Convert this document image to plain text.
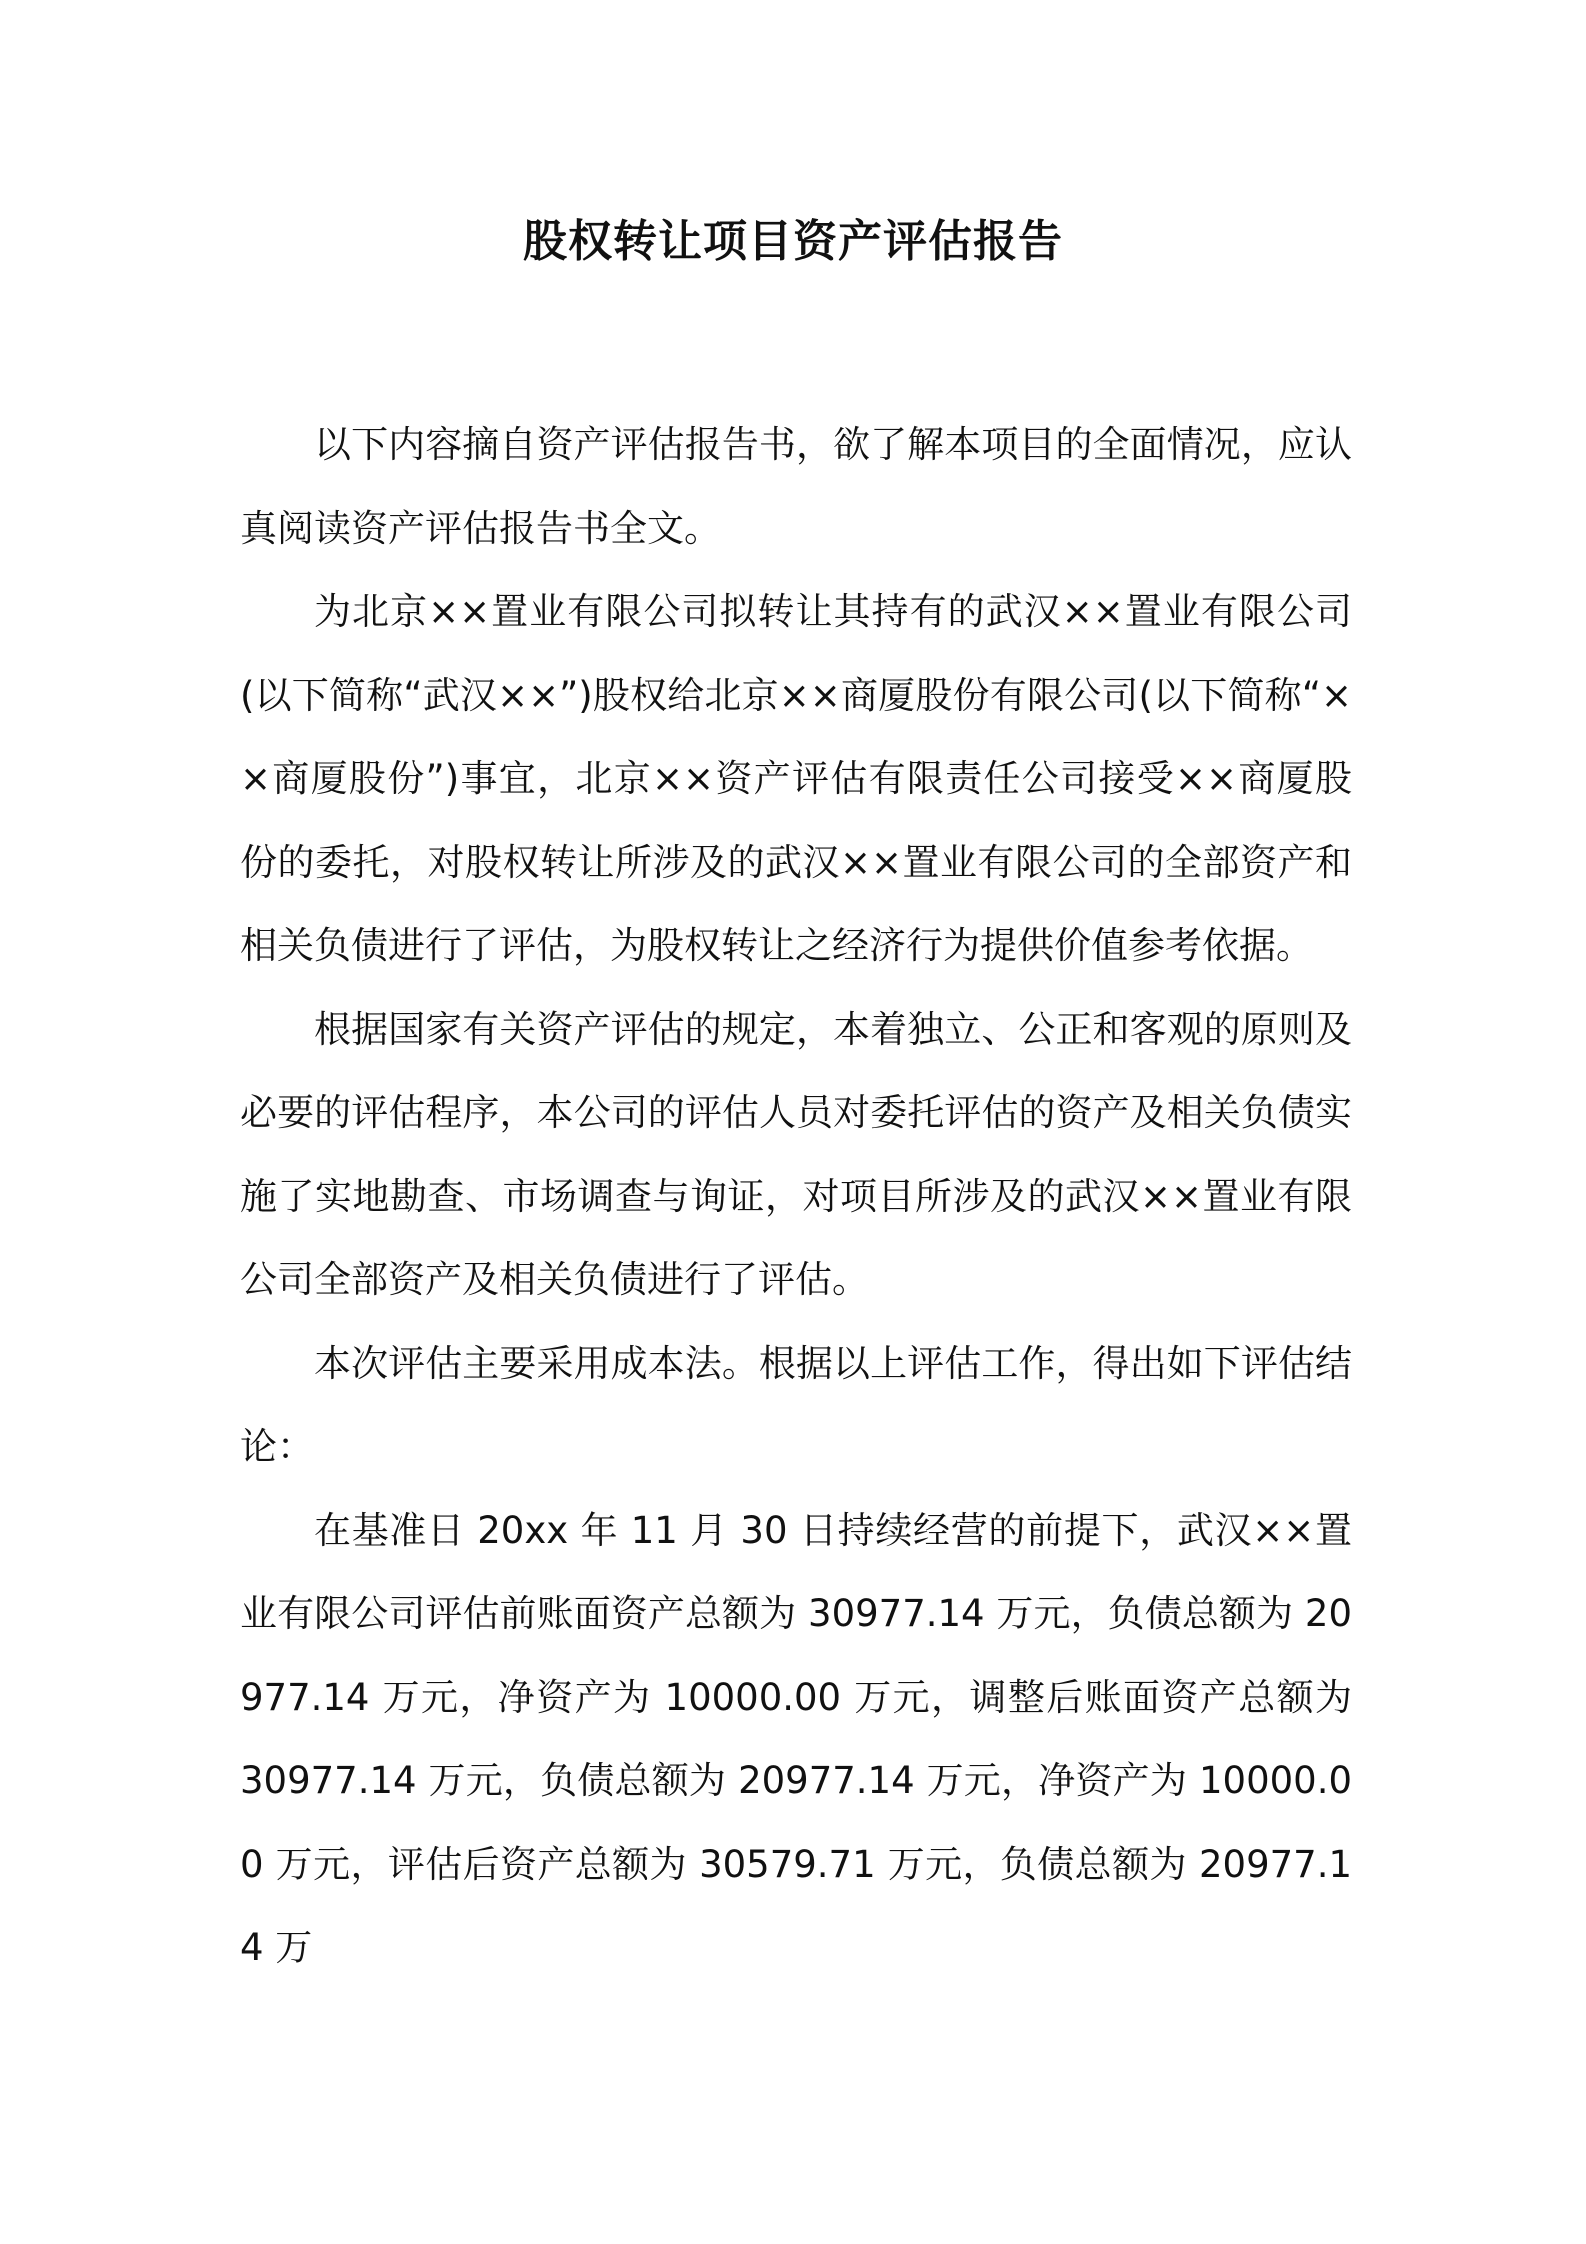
股权转让项目资产评估报告

以下内容摘自资产评估报告书，欲了解本项目的全面情况，应认真阅读资产评估报告书全文。

为北京××置业有限公司拟转让其持有的武汉××置业有限公司(以下简称“武汉××”)股权给北京××商厦股份有限公司(以下简称“××商厦股份”)事宜，北京××资产评估有限责任公司接受××商厦股份的委托，对股权转让所涉及的武汉××置业有限公司的全部资产和相关负债进行了评估，为股权转让之经济行为提供价值参考依据。

根据国家有关资产评估的规定，本着独立、公正和客观的原则及必要的评估程序，本公司的评估人员对委托评估的资产及相关负债实施了实地勘查、市场调查与询证，对项目所涉及的武汉××置业有限公司全部资产及相关负债进行了评估。

本次评估主要采用成本法。根据以上评估工作，得出如下评估结论：

在基准日 20xx 年 11 月 30 日持续经营的前提下，武汉××置业有限公司评估前账面资产总额为 30977.14 万元，负债总额为 20977.14 万元，净资产为 10000.00 万元，调整后账面资产总额为 30977.14 万元，负债总额为 20977.14 万元，净资产为 10000.00 万元，评估后资产总额为 30579.71 万元，负债总额为 20977.14 万
